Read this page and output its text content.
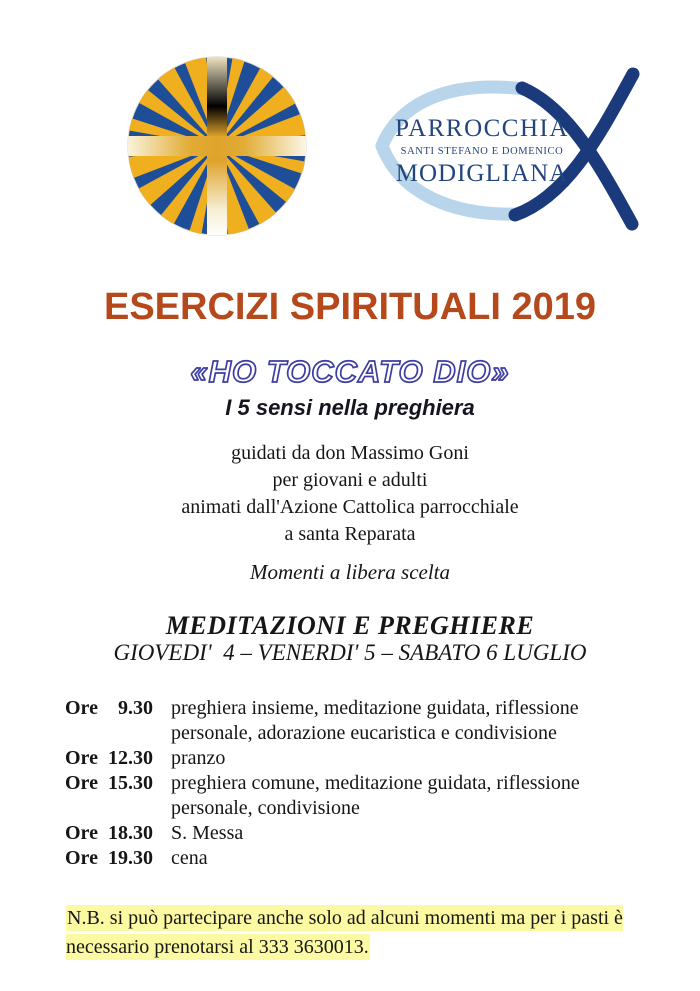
PARROCCHIA
SANTI STEFANO E DOMENICO
MODIGLIANA
ESERCIZI SPIRITUALI 2019
«HO TOCCATO DIO»
I 5 sensi nella preghiera
guidati da don Massimo Goni
per giovani e adulti
animati dall'Azione Cattolica parrocchiale
a santa Reparata
Momenti a libera scelta
MEDITAZIONI E PREGHIERE
GIOVEDI'  4 – VENERDI' 5 – SABATO 6 LUGLIO
Ore 9.30 preghiera insieme, meditazione guidata, riflessione personale, adorazione eucaristica e condivisione
Ore 12.30 pranzo
Ore 15.30 preghiera comune, meditazione guidata, riflessione personale, condivisione
Ore 18.30 S. Messa
Ore 19.30 cena

N.B. si può partecipare anche solo ad alcuni momenti ma per i pasti è necessario prenotarsi al 333 3630013.
